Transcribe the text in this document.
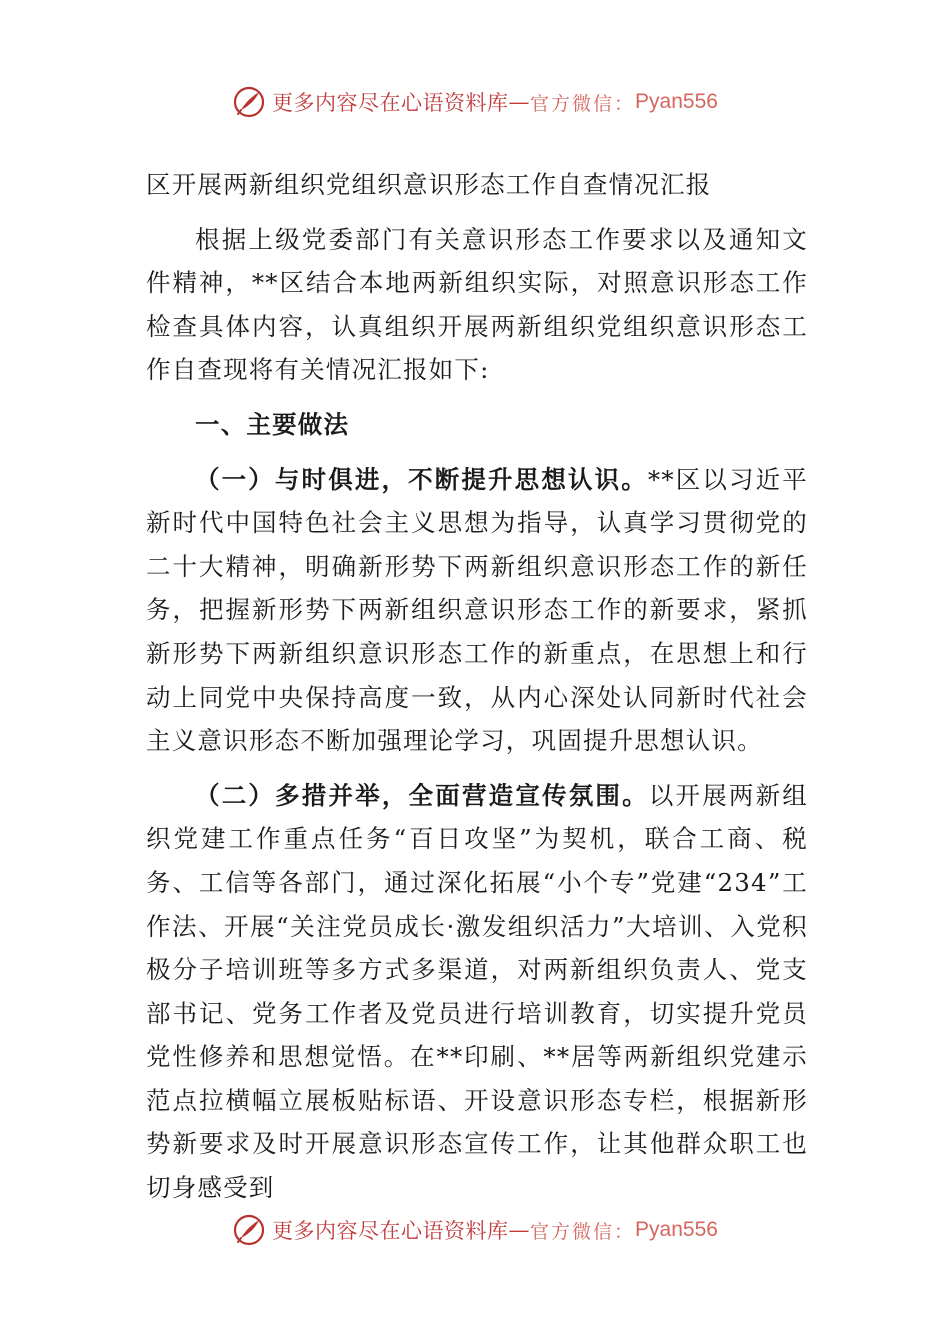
更多内容尽在心语资料库 — 官方微信： Pyan556

区开展两新组织党组织意识形态工作自查情况汇报

根据上级党委部门有关意识形态工作要求以及通知文件精神，**区结合本地两新组织实际，对照意识形态工作检查具体内容，认真组织开展两新组织党组织意识形态工作自查现将有关情况汇报如下:

一、主要做法

（一）与时俱进，不断提升思想认识。**区以习近平新时代中国特色社会主义思想为指导，认真学习贯彻党的二十大精神，明确新形势下两新组织意识形态工作的新任务，把握新形势下两新组织意识形态工作的新要求，紧抓新形势下两新组织意识形态工作的新重点，在思想上和行动上同党中央保持高度一致，从内心深处认同新时代社会主义意识形态不断加强理论学习，巩固提升思想认识。

（二）多措并举，全面营造宣传氛围。以开展两新组织党建工作重点任务“百日攻坚”为契机，联合工商、税务、工信等各部门，通过深化拓展“小个专”党建“234”工作法、开展“关注党员成长·激发组织活力”大培训、入党积极分子培训班等多方式多渠道，对两新组织负责人、党支部书记、党务工作者及党员进行培训教育，切实提升党员党性修养和思想觉悟。在**印刷、**居等两新组织党建示范点拉横幅立展板贴标语、开设意识形态专栏，根据新形势新要求及时开展意识形态宣传工作，让其他群众职工也切身感受到

更多内容尽在心语资料库 — 官方微信： Pyan556
